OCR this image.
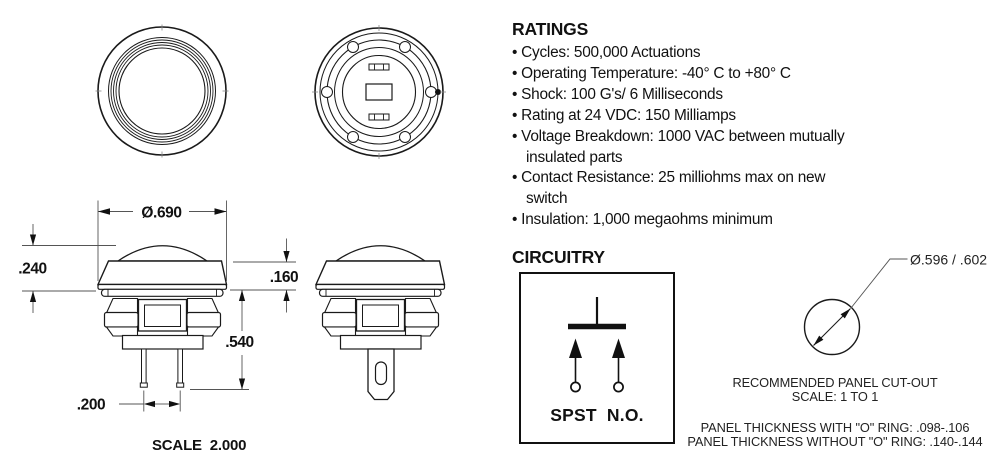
Ø.690
.240	.160
.540
.200
SCALE  2.000
RATINGS
• Cycles: 500,000 Actuations
• Operating Temperature: -40° C to +80° C
• Shock: 100 G's/ 6 Milliseconds
• Rating at 24 VDC: 150 Milliamps
• Voltage Breakdown: 1000 VAC between mutually insulated parts
• Contact Resistance: 25 milliohms max on new switch
• Insulation: 1,000 megaohms minimum
CIRCUITRY
SPST  N.O.
Ø.596 / .602
RECOMMENDED PANEL CUT-OUT
SCALE: 1 TO 1
PANEL THICKNESS WITH "O" RING: .098-.106
PANEL THICKNESS WITHOUT "O" RING: .140-.144
